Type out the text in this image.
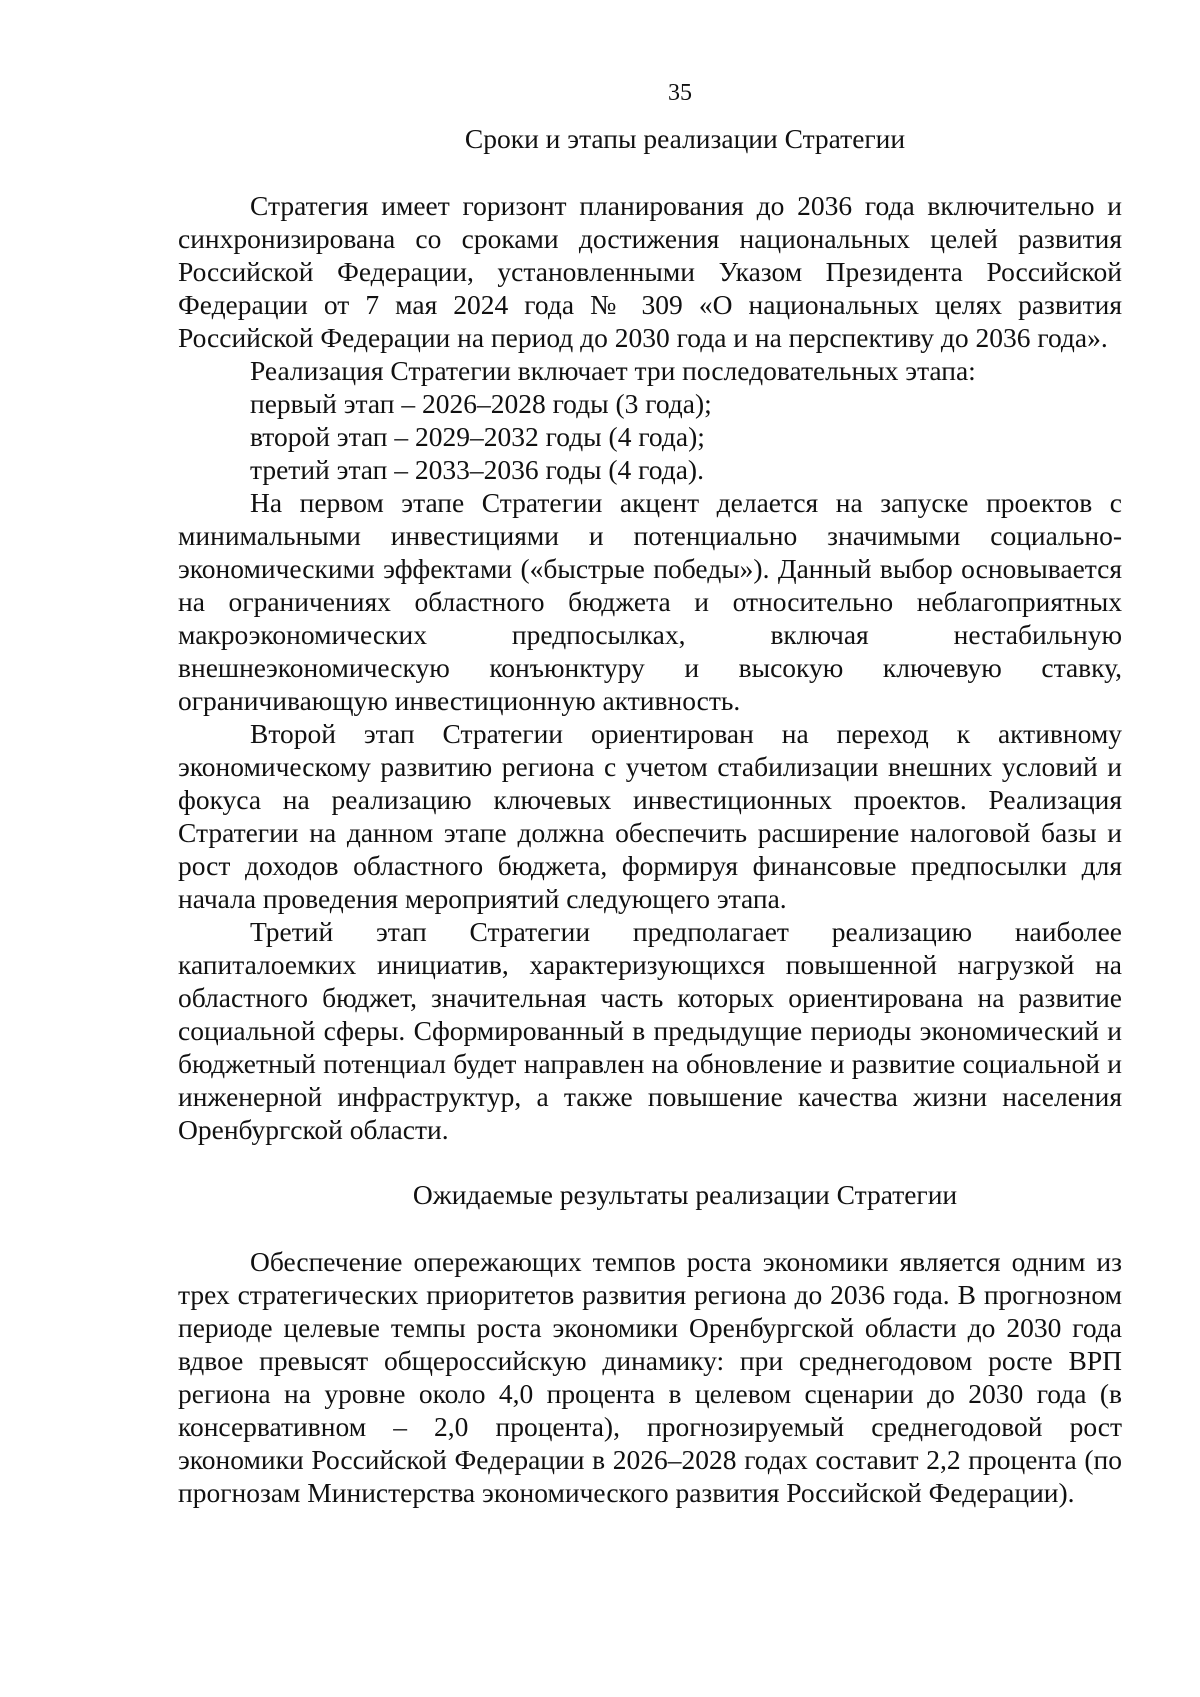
35
Сроки и этапы реализации Стратегии

Стратегия имеет горизонт планирования до 2036 года включительно и синхронизирована со сроками достижения национальных целей развития Российской Федерации, установленными Указом Президента Российской Федерации от 7 мая 2024 года № 309 «О национальных целях развития Российской Федерации на период до 2030 года и на перспективу до 2036 года».

Реализация Стратегии включает три последовательных этапа:

первый этап – 2026–2028 годы (3 года);

второй этап – 2029–2032 годы (4 года);

третий этап – 2033–2036 годы (4 года).

На первом этапе Стратегии акцент делается на запуске проектов с минимальными инвестициями и потенциально значимыми социально-экономическими эффектами («быстрые победы»). Данный выбор основывается на ограничениях областного бюджета и относительно неблагоприятных макроэкономических предпосылках, включая нестабильную внешнеэкономическую конъюнктуру и высокую ключевую ставку, ограничивающую инвестиционную активность.

Второй этап Стратегии ориентирован на переход к активному экономическому развитию региона с учетом стабилизации внешних условий и фокуса на реализацию ключевых инвестиционных проектов. Реализация Стратегии на данном этапе должна обеспечить расширение налоговой базы и рост доходов областного бюджета, формируя финансовые предпосылки для начала проведения мероприятий следующего этапа.

Третий этап Стратегии предполагает реализацию наиболее капиталоемких инициатив, характеризующихся повышенной нагрузкой на областного бюджет, значительная часть которых ориентирована на развитие социальной сферы. Сформированный в предыдущие периоды экономический и бюджетный потенциал будет направлен на обновление и развитие социальной и инженерной инфраструктур, а также повышение качества жизни населения Оренбургской области.

Ожидаемые результаты реализации Стратегии

Обеспечение опережающих темпов роста экономики является одним из трех стратегических приоритетов развития региона до 2036 года. В прогнозном периоде целевые темпы роста экономики Оренбургской области до 2030 года вдвое превысят общероссийскую динамику: при среднегодовом росте ВРП региона на уровне около 4,0 процента в целевом сценарии до 2030 года (в консервативном – 2,0 процента), прогнозируемый среднегодовой рост экономики Российской Федерации в 2026–2028 годах составит 2,2 процента (по прогнозам Министерства экономического развития Российской Федерации).
